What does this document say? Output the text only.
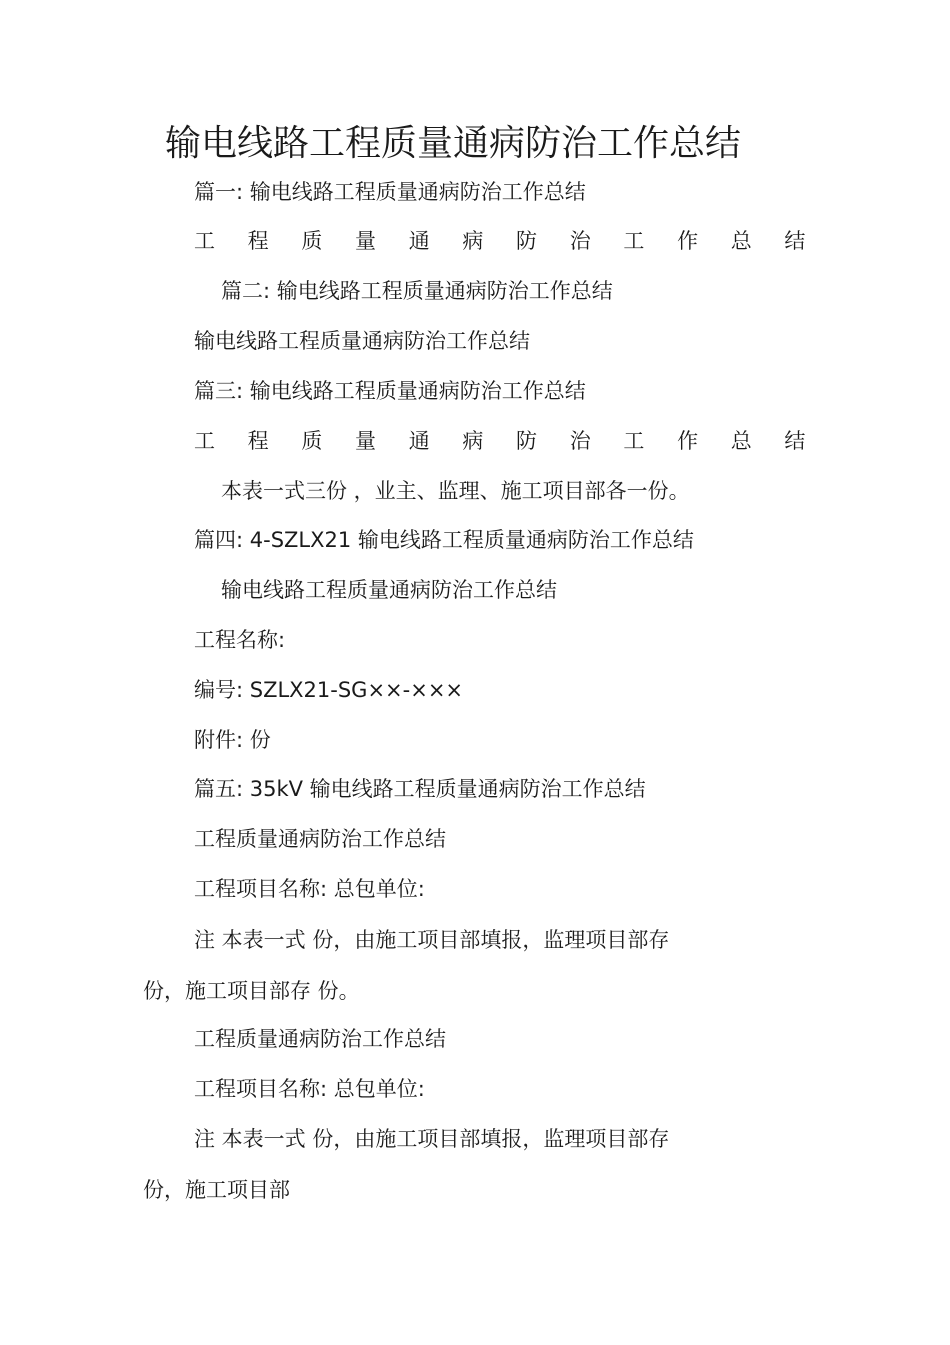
输电线路工程质量通病防治工作总结
篇一: 输电线路工程质量通病防治工作总结
工 程 质 量 通 病 防 治 工 作 总 结
篇二: 输电线路工程质量通病防治工作总结
输电线路工程质量通病防治工作总结
篇三: 输电线路工程质量通病防治工作总结
工 程 质 量 通 病 防 治 工 作 总 结
本表一式三份 ，业主、监理、施工项目部各一份。
篇四: 4-SZLX21 输电线路工程质量通病防治工作总结
输电线路工程质量通病防治工作总结
工程名称:
编号: SZLX21-SG××-×××
附件: 份
篇五: 35kV 输电线路工程质量通病防治工作总结
工程质量通病防治工作总结
工程项目名称: 总包单位:
注 本表一式 份，由施工项目部填报，监理项目部存
份，施工项目部存 份。
工程质量通病防治工作总结
工程项目名称: 总包单位:
注 本表一式 份，由施工项目部填报，监理项目部存
份，施工项目部
